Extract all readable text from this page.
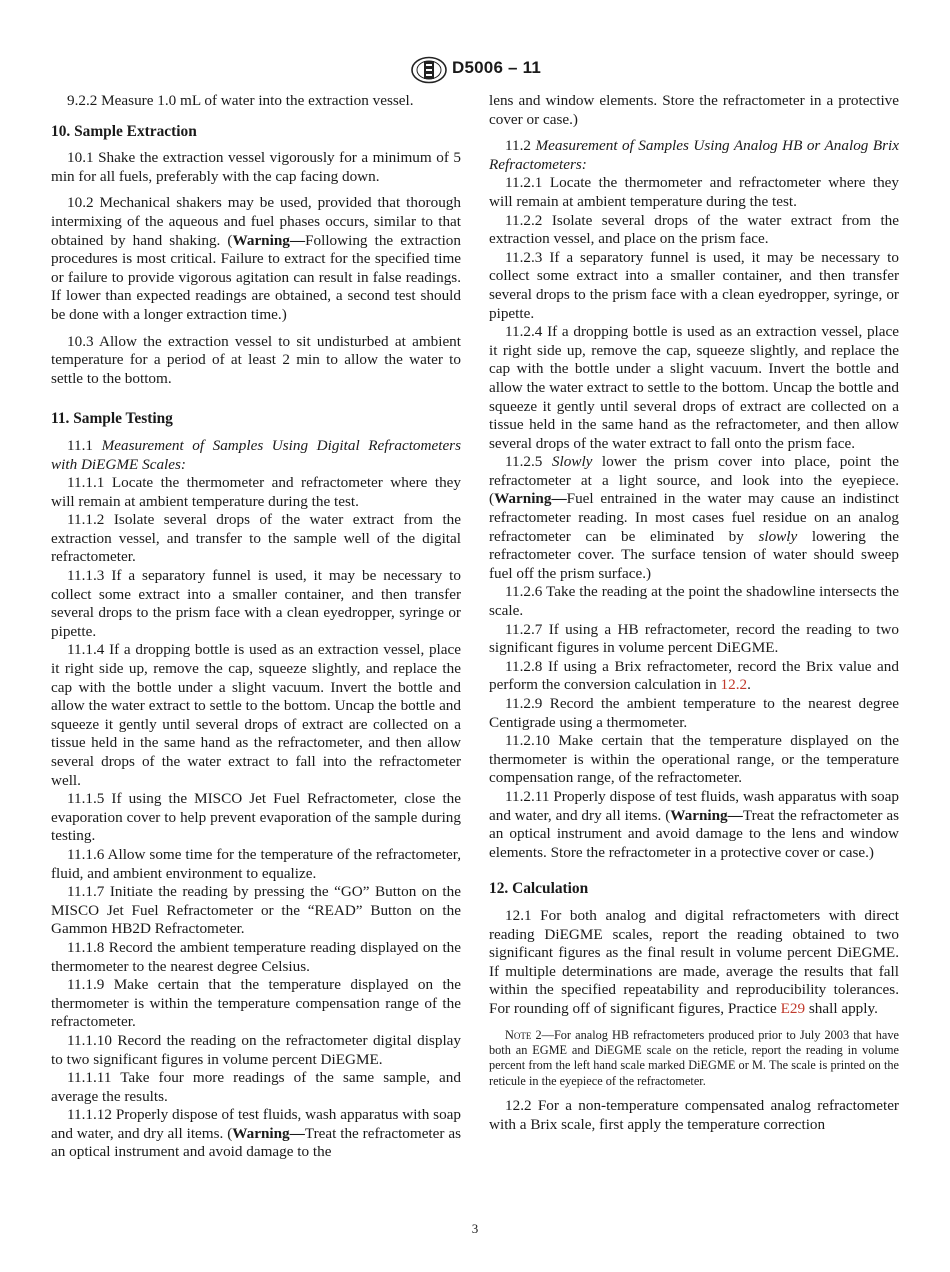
D5006 – 11

9.2.2 Measure 1.0 mL of water into the extraction vessel.

10. Sample Extraction

10.1 Shake the extraction vessel vigorously for a minimum of 5 min for all fuels, preferably with the cap facing down.

10.2 Mechanical shakers may be used, provided that thorough intermixing of the aqueous and fuel phases occurs, similar to that obtained by hand shaking. (Warning—Following the extraction procedures is most critical. Failure to extract for the specified time or failure to provide vigorous agitation can result in false readings. If lower than expected readings are obtained, a second test should be done with a longer extraction time.)

10.3 Allow the extraction vessel to sit undisturbed at ambient temperature for a period of at least 2 min to allow the water to settle to the bottom.

11. Sample Testing

11.1 Measurement of Samples Using Digital Refractometers with DiEGME Scales:

11.1.1 Locate the thermometer and refractometer where they will remain at ambient temperature during the test.

11.1.2 Isolate several drops of the water extract from the extraction vessel, and transfer to the sample well of the digital refractometer.

11.1.3 If a separatory funnel is used, it may be necessary to collect some extract into a smaller container, and then transfer several drops to the prism face with a clean eyedropper, syringe or pipette.

11.1.4 If a dropping bottle is used as an extraction vessel, place it right side up, remove the cap, squeeze slightly, and replace the cap with the bottle under a slight vacuum. Invert the bottle and allow the water extract to settle to the bottom. Uncap the bottle and squeeze it gently until several drops of extract are collected on a tissue held in the same hand as the refractometer, and then allow several drops of the water extract to fall into the refractometer well.

11.1.5 If using the MISCO Jet Fuel Refractometer, close the evaporation cover to help prevent evaporation of the sample during testing.

11.1.6 Allow some time for the temperature of the refractometer, fluid, and ambient environment to equalize.

11.1.7 Initiate the reading by pressing the “GO” Button on the MISCO Jet Fuel Refractometer or the “READ” Button on the Gammon HB2D Refractometer.

11.1.8 Record the ambient temperature reading displayed on the thermometer to the nearest degree Celsius.

11.1.9 Make certain that the temperature displayed on the thermometer is within the temperature compensation range of the refractometer.

11.1.10 Record the reading on the refractometer digital display to two significant figures in volume percent DiEGME.

11.1.11 Take four more readings of the same sample, and average the results.

11.1.12 Properly dispose of test fluids, wash apparatus with soap and water, and dry all items. (Warning—Treat the refractometer as an optical instrument and avoid damage to the

lens and window elements. Store the refractometer in a protective cover or case.)

11.2 Measurement of Samples Using Analog HB or Analog Brix Refractometers:

11.2.1 Locate the thermometer and refractometer where they will remain at ambient temperature during the test.

11.2.2 Isolate several drops of the water extract from the extraction vessel, and place on the prism face.

11.2.3 If a separatory funnel is used, it may be necessary to collect some extract into a smaller container, and then transfer several drops to the prism face with a clean eyedropper, syringe, or pipette.

11.2.4 If a dropping bottle is used as an extraction vessel, place it right side up, remove the cap, squeeze slightly, and replace the cap with the bottle under a slight vacuum. Invert the bottle and allow the water extract to settle to the bottom. Uncap the bottle and squeeze it gently until several drops of extract are collected on a tissue held in the same hand as the refractometer, and then allow several drops of the water extract to fall onto the prism face.

11.2.5 Slowly lower the prism cover into place, point the refractometer at a light source, and look into the eyepiece. (Warning—Fuel entrained in the water may cause an indistinct refractometer reading. In most cases fuel residue on an analog refractometer can be eliminated by slowly lowering the refractometer cover. The surface tension of water should sweep fuel off the prism surface.)

11.2.6 Take the reading at the point the shadowline intersects the scale.

11.2.7 If using a HB refractometer, record the reading to two significant figures in volume percent DiEGME.

11.2.8 If using a Brix refractometer, record the Brix value and perform the conversion calculation in 12.2.

11.2.9 Record the ambient temperature to the nearest degree Centigrade using a thermometer.

11.2.10 Make certain that the temperature displayed on the thermometer is within the operational range, or the temperature compensation range, of the refractometer.

11.2.11 Properly dispose of test fluids, wash apparatus with soap and water, and dry all items. (Warning—Treat the refractometer as an optical instrument and avoid damage to the lens and window elements. Store the refractometer in a protective cover or case.)

12. Calculation

12.1 For both analog and digital refractometers with direct reading DiEGME scales, report the reading obtained to two significant figures as the final result in volume percent DiEGME. If multiple determinations are made, average the results that fall within the specified repeatability and reproducibility tolerances. For rounding off of significant figures, Practice E29 shall apply.

Note 2—For analog HB refractometers produced prior to July 2003 that have both an EGME and DiEGME scale on the reticle, report the reading in volume percent from the left hand scale marked DiEGME or M. The scale is printed on the reticule in the eyepiece of the refractometer.

12.2 For a non-temperature compensated analog refractometer with a Brix scale, first apply the temperature correction

3
